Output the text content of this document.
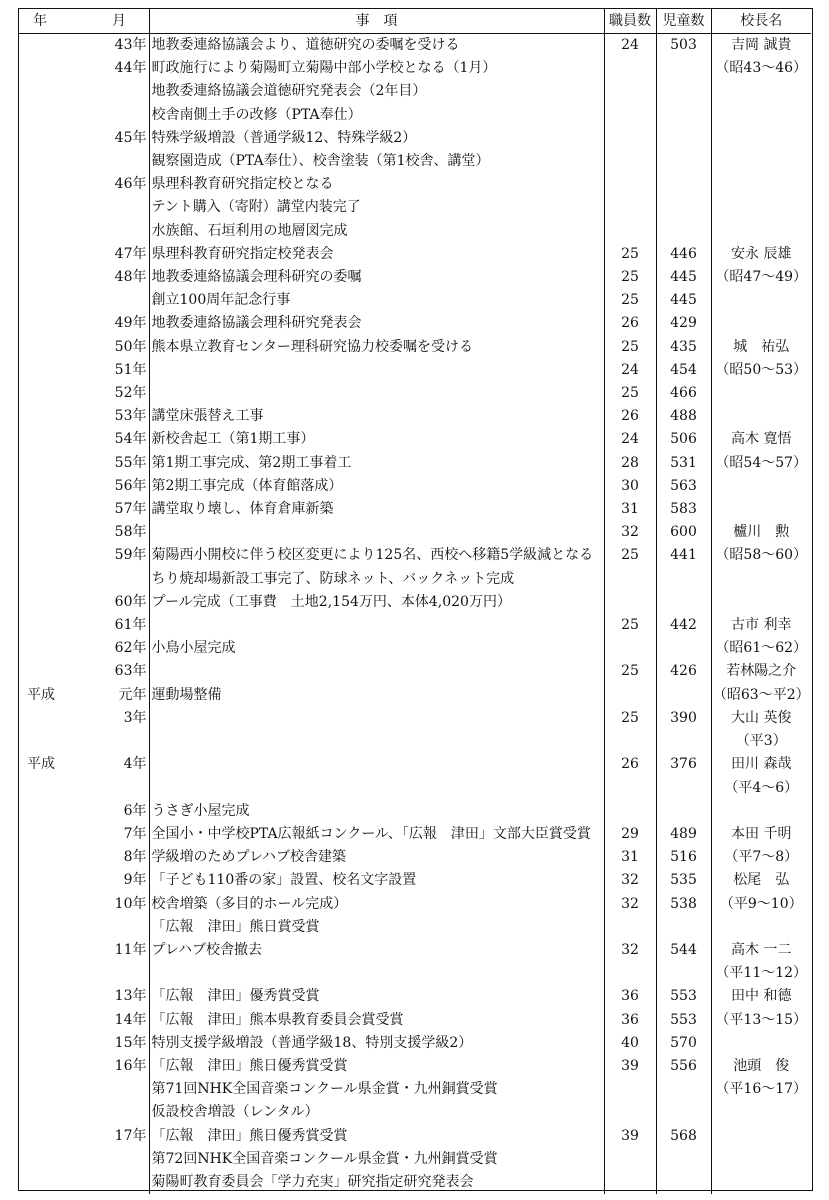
年	月	事　項	職員数	児童数	校長名
	43年	地教委連絡協議会より、道徳研究の委嘱を受ける	24	503	吉岡 誠貴
	44年	町政施行により菊陽町立菊陽中部小学校となる（1月）			（昭43～46）
		地教委連絡協議会道徳研究発表会（2年目）			
		校舎南側土手の改修（PTA奉仕）			
	45年	特殊学級増設（普通学級12、特殊学級2）			
		観察園造成（PTA奉仕）、校舎塗装（第1校舎、講堂）			
	46年	県理科教育研究指定校となる			
		テント購入（寄附）講堂内装完了			
		水族館、石垣利用の地層図完成			
	47年	県理科教育研究指定校発表会	25	446	安永 辰雄
	48年	地教委連絡協議会理科研究の委嘱	25	445	（昭47～49）
		創立100周年記念行事	25	445	
	49年	地教委連絡協議会理科研究発表会	26	429	
	50年	熊本県立教育センター理科研究協力校委嘱を受ける	25	435	城　祐弘
	51年		24	454	（昭50～53）
	52年		25	466	
	53年	講堂床張替え工事	26	488	
	54年	新校舎起工（第1期工事）	24	506	高木 寛悟
	55年	第1期工事完成、第2期工事着工	28	531	（昭54～57）
	56年	第2期工事完成（体育館落成）	30	563	
	57年	講堂取り壊し、体育倉庫新築	31	583	
	58年		32	600	櫨川　勲
	59年	菊陽西小開校に伴う校区変更により125名、西校へ移籍5学級減となる	25	441	（昭58～60）
		ちり焼却場新設工事完了、防球ネット、バックネット完成			
	60年	プール完成（工事費　土地2,154万円、本体4,020万円）			
	61年		25	442	古市 利幸
	62年	小鳥小屋完成			（昭61～62）
	63年		25	426	若林陽之介
平成	元年	運動場整備			（昭63～平2）
	3年		25	390	大山 英俊
					（平3）
平成	4年		26	376	田川 森哉
					（平4～6）
	6年	うさぎ小屋完成			
	7年	全国小・中学校PTA広報紙コンクール、「広報　津田」文部大臣賞受賞	29	489	本田 千明
	8年	学級増のためプレハブ校舎建築	31	516	（平7～8）
	9年	「子ども110番の家」設置、校名文字設置	32	535	松尾　弘
	10年	校舎増築（多目的ホール完成）	32	538	（平9～10）
		「広報　津田」熊日賞受賞			
	11年	プレハブ校舎撤去	32	544	高木 一二
					（平11～12）
	13年	「広報　津田」優秀賞受賞	36	553	田中 和德
	14年	「広報　津田」熊本県教育委員会賞受賞	36	553	（平13～15）
	15年	特別支援学級増設（普通学級18、特別支援学級2）	40	570	
	16年	「広報　津田」熊日優秀賞受賞	39	556	池頭　俊
		第71回NHK全国音楽コンクール県金賞・九州銅賞受賞			（平16～17）
		仮設校舎増設（レンタル）			
	17年	「広報　津田」熊日優秀賞受賞	39	568	
		第72回NHK全国音楽コンクール県金賞・九州銅賞受賞			
		菊陽町教育委員会「学力充実」研究指定研究発表会			
